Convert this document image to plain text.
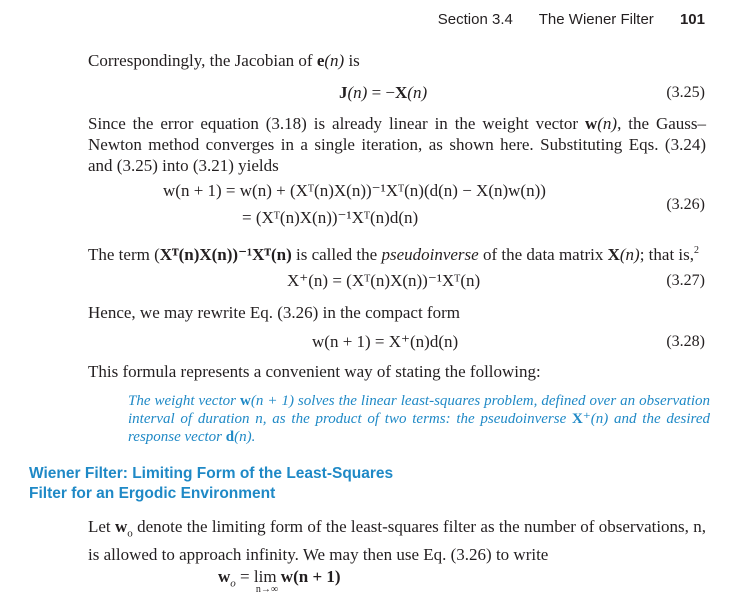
Section 3.4 The Wiener Filter 101
Correspondingly, the Jacobian of e(n) is
J(n) = −X(n)	(3.25)
Since the error equation (3.18) is already linear in the weight vector w(n), the Gauss–Newton method converges in a single iteration, as shown here. Substituting Eqs. (3.24) and (3.25) into (3.21) yields
w(n + 1) = w(n) + (Xᵀ(n)X(n))⁻¹Xᵀ(n)(d(n) − X(n)w(n))
= (Xᵀ(n)X(n))⁻¹Xᵀ(n)d(n)
(3.26)
The term (Xᵀ(n)X(n))⁻¹Xᵀ(n) is called the pseudoinverse of the data matrix X(n); that is,$^2$
X⁺(n) = (Xᵀ(n)X(n))⁻¹Xᵀ(n)	(3.27)
Hence, we may rewrite Eq. (3.26) in the compact form
w(n + 1) = X⁺(n)d(n)	(3.28)
This formula represents a convenient way of stating the following:
The weight vector w(n + 1) solves the linear least-squares problem, defined over an observation interval of duration n, as the product of two terms: the pseudoinverse X⁺(n) and the desired response vector d(n).
Wiener Filter: Limiting Form of the Least-Squares
Filter for an Ergodic Environment
Let $w_o$ denote the limiting form of the least-squares filter as the number of observations, n, is allowed to approach infinity. We may then use Eq. (3.26) to write
$w_o = \lim$
n→∞
w(n + 1)
